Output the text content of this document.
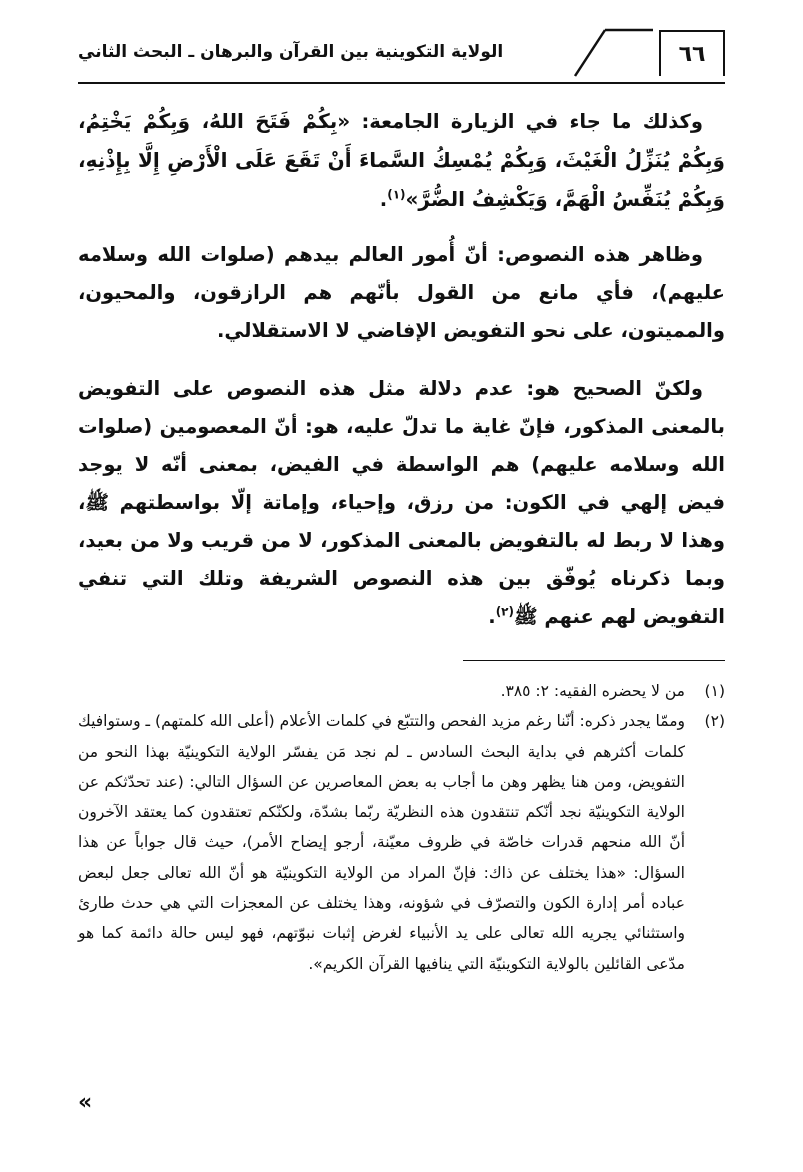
٦٦
الولاية التكوينية بين القرآن والبرهان ـ البحث الثاني

وكذلك ما جاء في الزيارة الجامعة: «بِكُمْ فَتَحَ اللهُ، وَبِكُمْ يَخْتِمُ، وَبِكُمْ يُنَزِّلُ الْغَيْثَ، وَبِكُمْ يُمْسِكُ السَّماءَ أَنْ تَقَعَ عَلَى الْأَرْضِ إِلَّا بِإِذْنِهِ، وَبِكُمْ يُنَفِّسُ الْهَمَّ، وَيَكْشِفُ الضُّرَّ»$^{(١)}$.

وظاهر هذه النصوص: أنّ أُمور العالم بيدهم (صلوات الله وسلامه عليهم)، فأي مانع من القول بأنّهم هم الرازقون، والمحيون، والمميتون، على نحو التفويض الإفاضي لا الاستقلالي.

ولكنّ الصحيح هو: عدم دلالة مثل هذه النصوص على التفويض بالمعنى المذكور، فإنّ غاية ما تدلّ عليه، هو: أنّ المعصومين (صلوات الله وسلامه عليهم) هم الواسطة في الفيض، بمعنى أنّه لا يوجد فيض إلهي في الكون: من رزق، وإحياء، وإماتة إلّا بواسطتهم ﷺ، وهذا لا ربط له بالتفويض بالمعنى المذكور، لا من قريب ولا من بعيد، وبما ذكرناه يُوفّق بين هذه النصوص الشريفة وتلك التي تنفي التفويض لهم عنهم ﷺ$^{(٢)}$.

(١)
من لا يحضره الفقيه: ٢: ٣٨٥.
(٢)
وممّا يجدر ذكره: أنّنا رغم مزيد الفحص والتتبّع في كلمات الأعلام (أعلى الله كلمتهم) ـ وستوافيك كلمات أكثرهم في بداية البحث السادس ـ لم نجد مَن يفسّر الولاية التكوينيّة بهذا النحو من التفويض، ومن هنا يظهر وهن ما أجاب به بعض المعاصرين عن السؤال التالي: (عند تحدّثكم عن الولاية التكوينيّة نجد أنّكم تنتقدون هذه النظريّة ربّما بشدّة، ولكنّكم تعتقدون كما يعتقد الآخرون أنّ الله منحهم قدرات خاصّة في ظروف معيّنة، أرجو إيضاح الأمر)، حيث قال جواباً عن هذا السؤال: «هذا يختلف عن ذاك: فإنّ المراد من الولاية التكوينيّة هو أنّ الله تعالى جعل لبعض عباده أمر إدارة الكون والتصرّف في شؤونه، وهذا يختلف عن المعجزات التي هي حدث طارئ واستثنائي يجريه الله تعالى على يد الأنبياء لغرض إثبات نبوّتهم، فهو ليس حالة دائمة كما هو مدّعى القائلين بالولاية التكوينيّة التي ينافيها القرآن الكريم».
«
